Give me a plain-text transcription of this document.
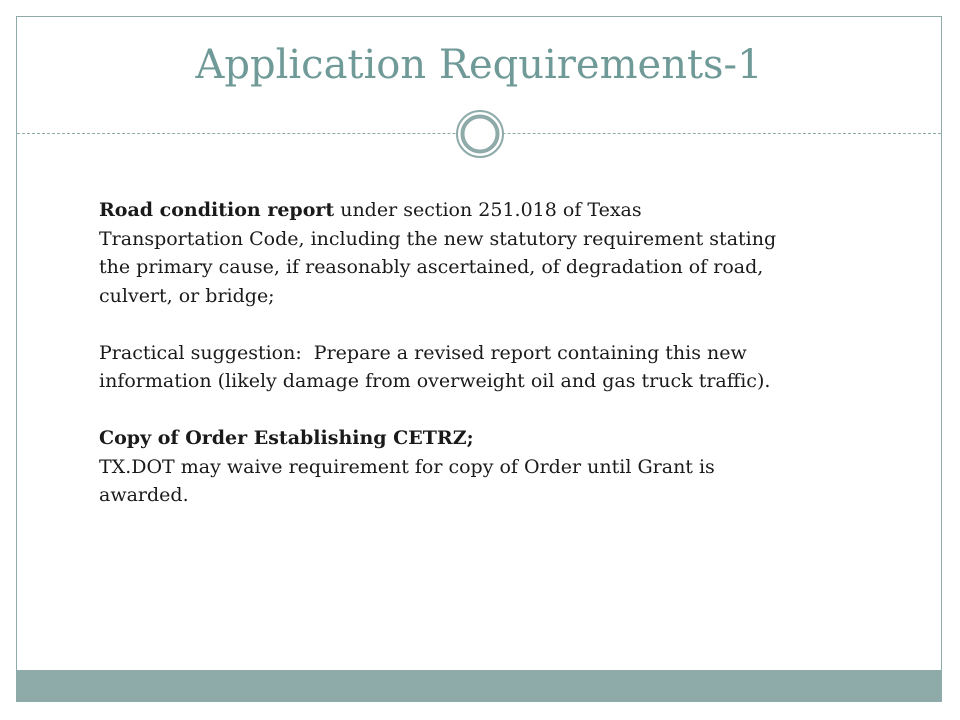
Application Requirements-1

Road condition report under section 251.018 of Texas Transportation Code, including the new statutory requirement stating the primary cause, if reasonably ascertained, of degradation of road, culvert, or bridge;

Practical suggestion:  Prepare a revised report containing this new information (likely damage from overweight oil and gas truck traffic).

Copy of Order Establishing CETRZ;

TX.DOT may waive requirement for copy of Order until Grant is awarded.
